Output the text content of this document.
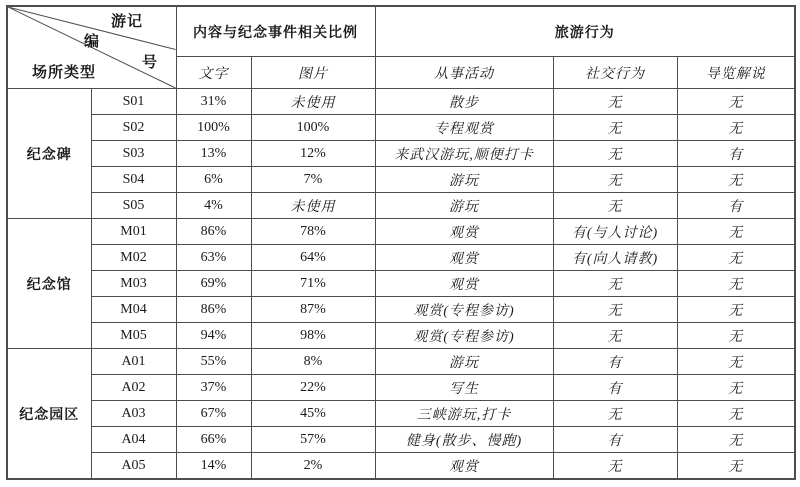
游记
编
号
场所类型		内容与纪念事件相关比例		旅游行为		
		文字	图片	从事活动	社交行为	导览解说
纪念碑	S01	31%	未使用	散步	无	无
	S02	100%	100%	专程观赏	无	无
	S03	13%	12%	来武汉游玩,顺便打卡	无	有
	S04	6%	7%	游玩	无	无
	S05	4%	未使用	游玩	无	有
纪念馆	M01	86%	78%	观赏	有(与人讨论)	无
	M02	63%	64%	观赏	有(向人请教)	无
	M03	69%	71%	观赏	无	无
	M04	86%	87%	观赏(专程参访)	无	无
	M05	94%	98%	观赏(专程参访)	无	无
纪念园区	A01	55%	8%	游玩	有	无
	A02	37%	22%	写生	有	无
	A03	67%	45%	三峡游玩,打卡	无	无
	A04	66%	57%	健身(散步、慢跑)	有	无
	A05	14%	2%	观赏	无	无
